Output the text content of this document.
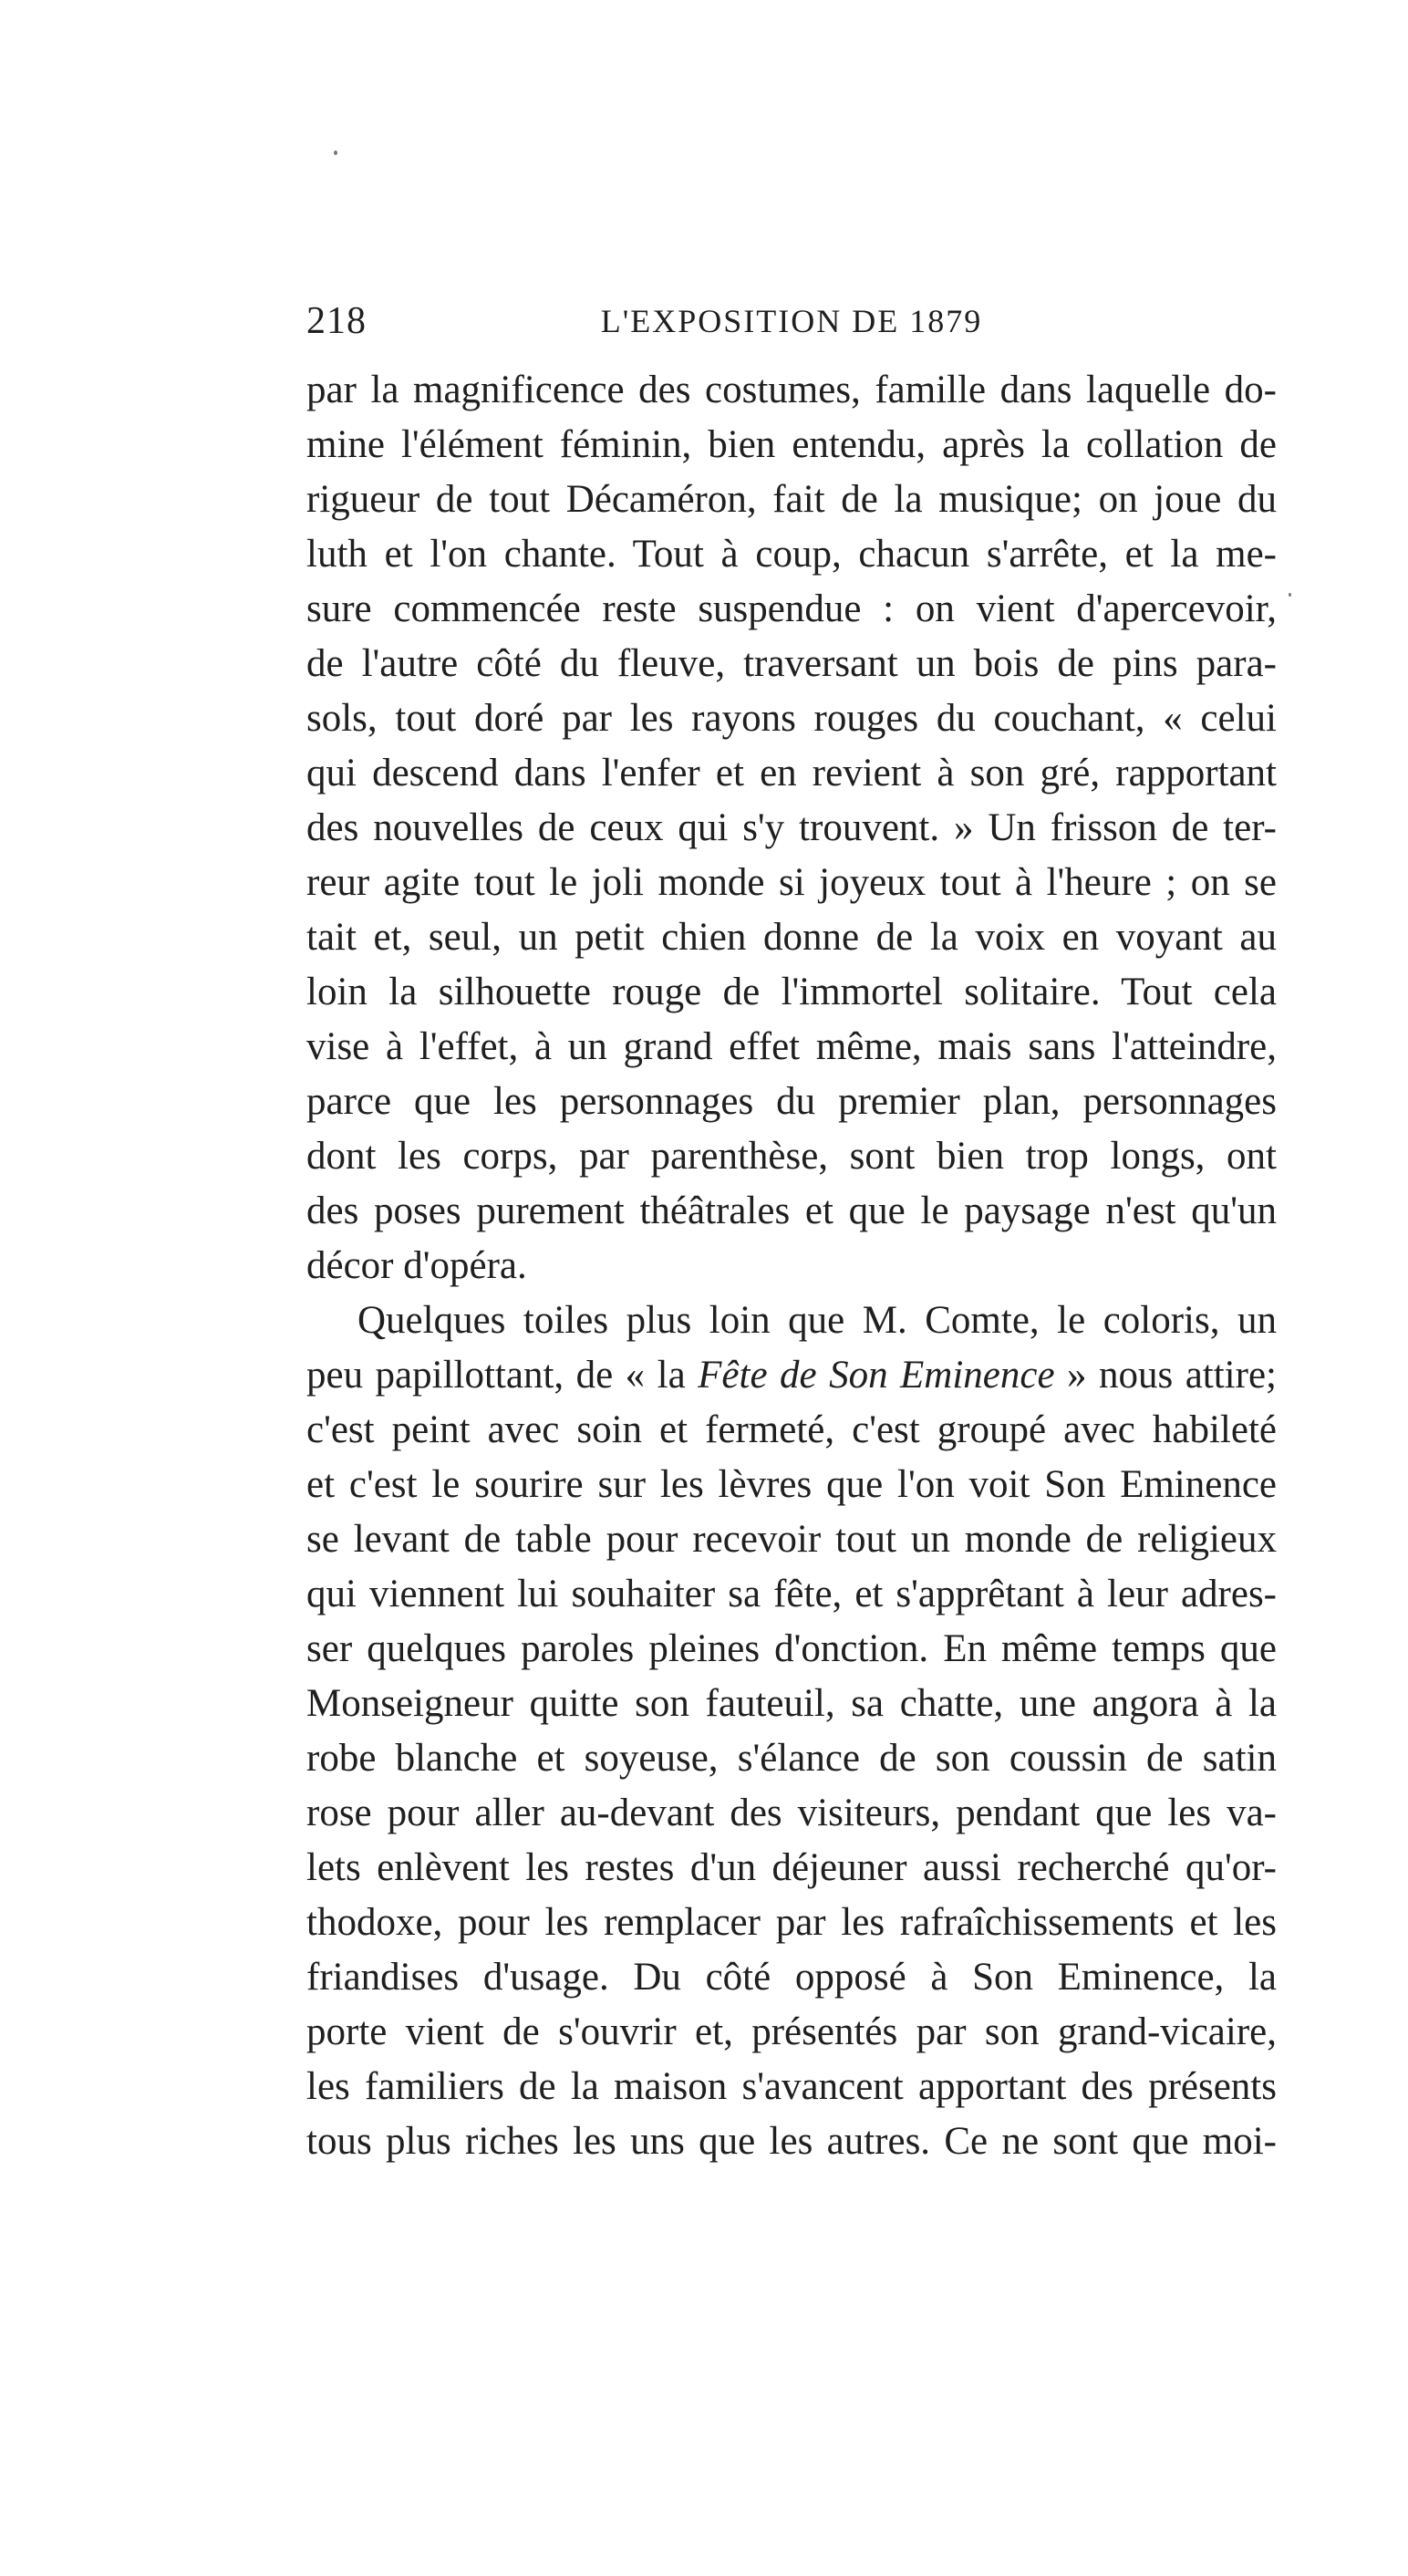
218	L'EXPOSITION DE 1879
par la magnificence des costumes, famille dans laquelle do-
mine l'élément féminin, bien entendu, après la collation de
rigueur de tout Décaméron, fait de la musique; on joue du
luth et l'on chante. Tout à coup, chacun s'arrête, et la me-
sure commencée reste suspendue : on vient d'apercevoir,
de l'autre côté du fleuve, traversant un bois de pins para-
sols, tout doré par les rayons rouges du couchant, « celui
qui descend dans l'enfer et en revient à son gré, rapportant
des nouvelles de ceux qui s'y trouvent. » Un frisson de ter-
reur agite tout le joli monde si joyeux tout à l'heure ; on se
tait et, seul, un petit chien donne de la voix en voyant au
loin la silhouette rouge de l'immortel solitaire. Tout cela
vise à l'effet, à un grand effet même, mais sans l'atteindre,
parce que les personnages du premier plan, personnages
dont les corps, par parenthèse, sont bien trop longs, ont
des poses purement théâtrales et que le paysage n'est qu'un
décor d'opéra.
Quelques toiles plus loin que M. Comte, le coloris, un
peu papillottant, de « la Fête de Son Eminence » nous attire;
c'est peint avec soin et fermeté, c'est groupé avec habileté
et c'est le sourire sur les lèvres que l'on voit Son Eminence
se levant de table pour recevoir tout un monde de religieux
qui viennent lui souhaiter sa fête, et s'apprêtant à leur adres-
ser quelques paroles pleines d'onction. En même temps que
Monseigneur quitte son fauteuil, sa chatte, une angora à la
robe blanche et soyeuse, s'élance de son coussin de satin
rose pour aller au-devant des visiteurs, pendant que les va-
lets enlèvent les restes d'un déjeuner aussi recherché qu'or-
thodoxe, pour les remplacer par les rafraîchissements et les
friandises d'usage. Du côté opposé à Son Eminence, la
porte vient de s'ouvrir et, présentés par son grand-vicaire,
les familiers de la maison s'avancent apportant des présents
tous plus riches les uns que les autres. Ce ne sont que moi-
